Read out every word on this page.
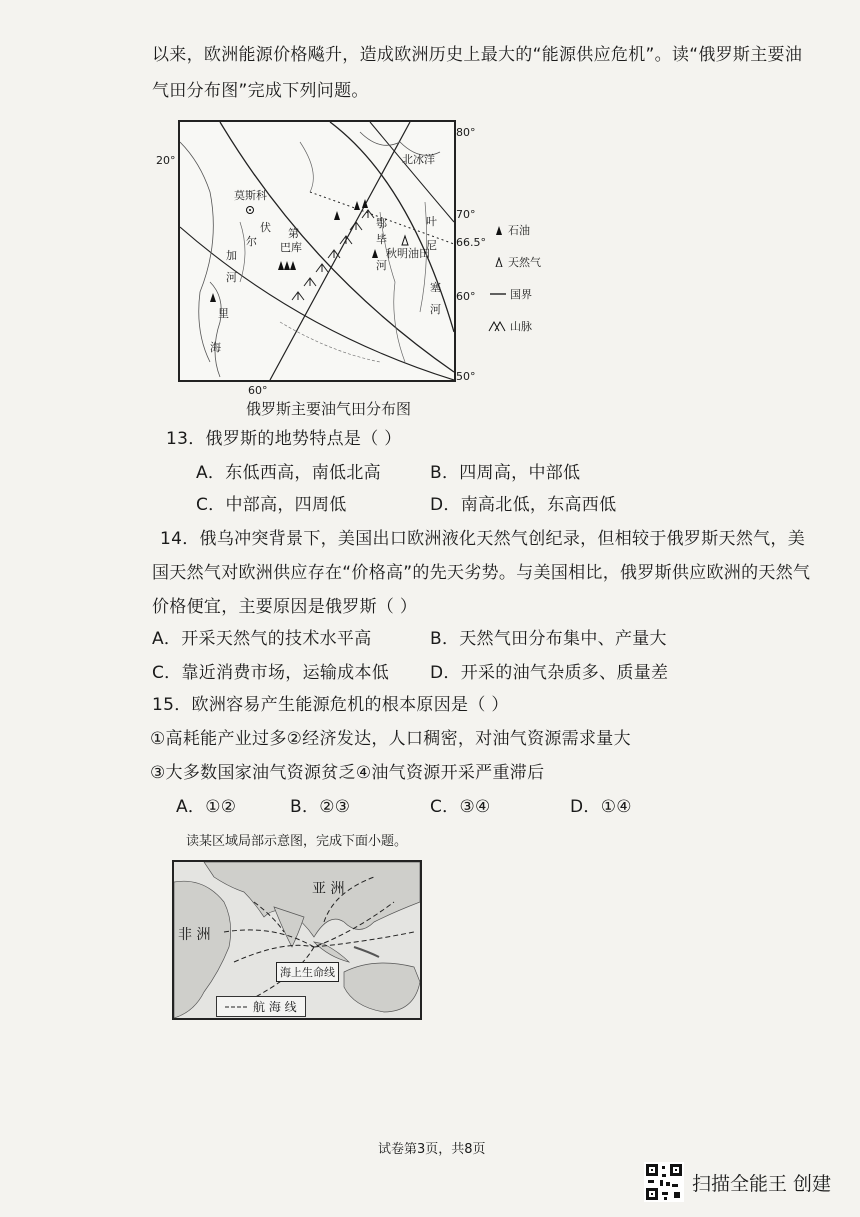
以来，欧洲能源价格飚升，造成欧洲历史上最大的“能源供应危机”。读“俄罗斯主要油
气田分布图”完成下列问题。
莫斯科
北冰洋
伏
尔
加
河
里
海
第
巴库
鄂
毕
河
秋明油田
叶
尼
塞
河
80°
70°
66.5°
60°
50°
20°
60°
石油
天然气
国界
山脉
俄罗斯主要油气田分布图
13．俄罗斯的地势特点是（ ）
A．东低西高，南低北高	B．四周高，中部低
C．中部高，四周低	D．南高北低，东高西低
14．俄乌冲突背景下，美国出口欧洲液化天然气创纪录，但相较于俄罗斯天然气，美
国天然气对欧洲供应存在“价格高”的先天劣势。与美国相比，俄罗斯供应欧洲的天然气
价格便宜，主要原因是俄罗斯（ ）
A．开采天然气的技术水平高	B．天然气田分布集中、产量大
C．靠近消费市场，运输成本低 D．开采的油气杂质多、质量差
15．欧洲容易产生能源危机的根本原因是（ ）
①高耗能产业过多②经济发达，人口稠密，对油气资源需求量大
③大多数国家油气资源贫乏④油气资源开采严重滞后
A．①②	B．②③	C．③④	D．①④
读某区域局部示意图，完成下面小题。
亚 洲
非 洲
海上生命线
航 海 线
试卷第3页，共8页
扫描全能王 创建
